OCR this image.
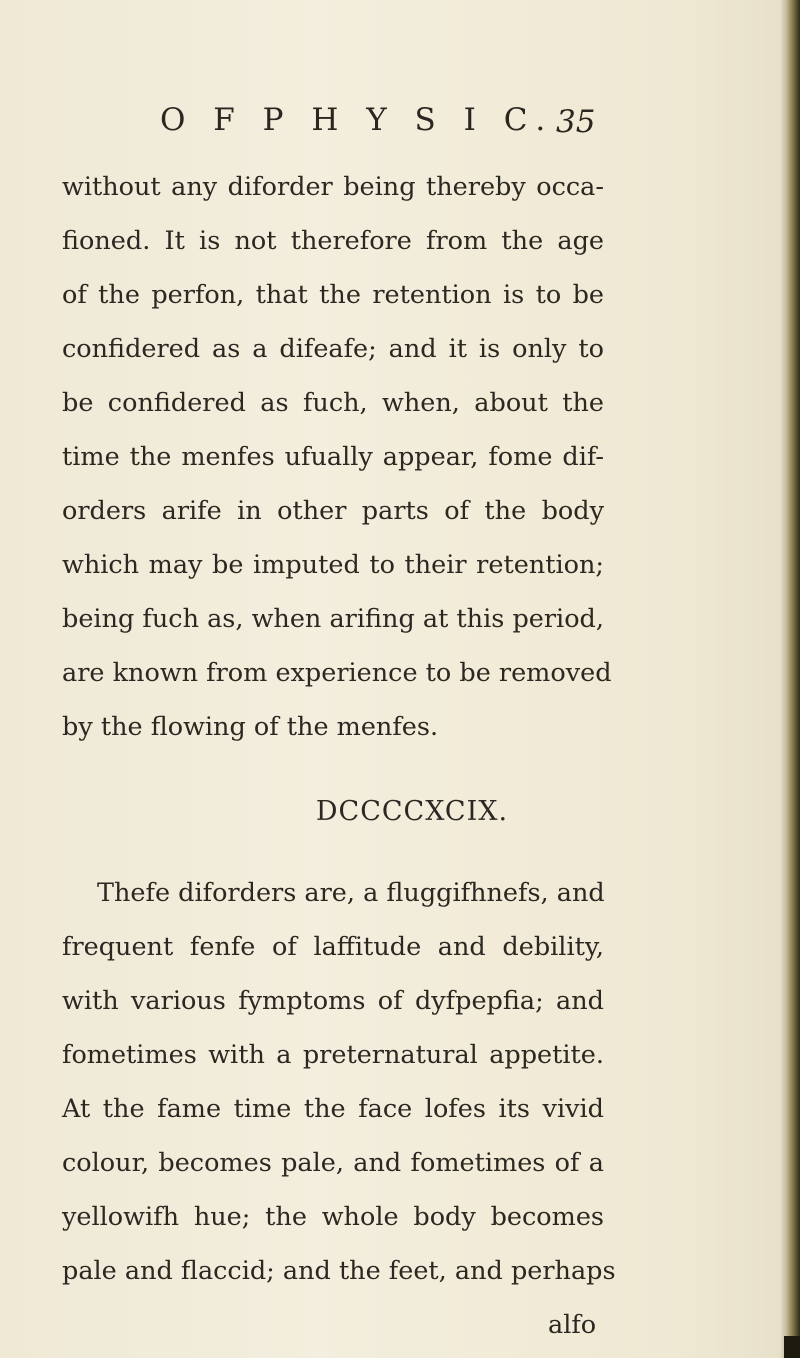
O F P H Y S I C. 35
without any diforder being thereby occa-
fioned. It is not therefore from the age
of the perfon, that the retention is to be
confidered as a difeafe; and it is only to
be confidered as fuch, when, about the
time the menfes ufually appear, fome dif-
orders arife in other parts of the body
which may be imputed to their retention;
being fuch as, when arifing at this period,
are known from experience to be removed
by the flowing of the menfes.
DCCCCXCIX.
Thefe diforders are, a fluggifhnefs, and
frequent fenfe of laffitude and debility,
with various fymptoms of dyfpepfia; and
fometimes with a preternatural appetite.
At the fame time the face lofes its vivid
colour, becomes pale, and fometimes of a
yellowifh hue; the whole body becomes
pale and flaccid; and the feet, and perhaps
alfo
